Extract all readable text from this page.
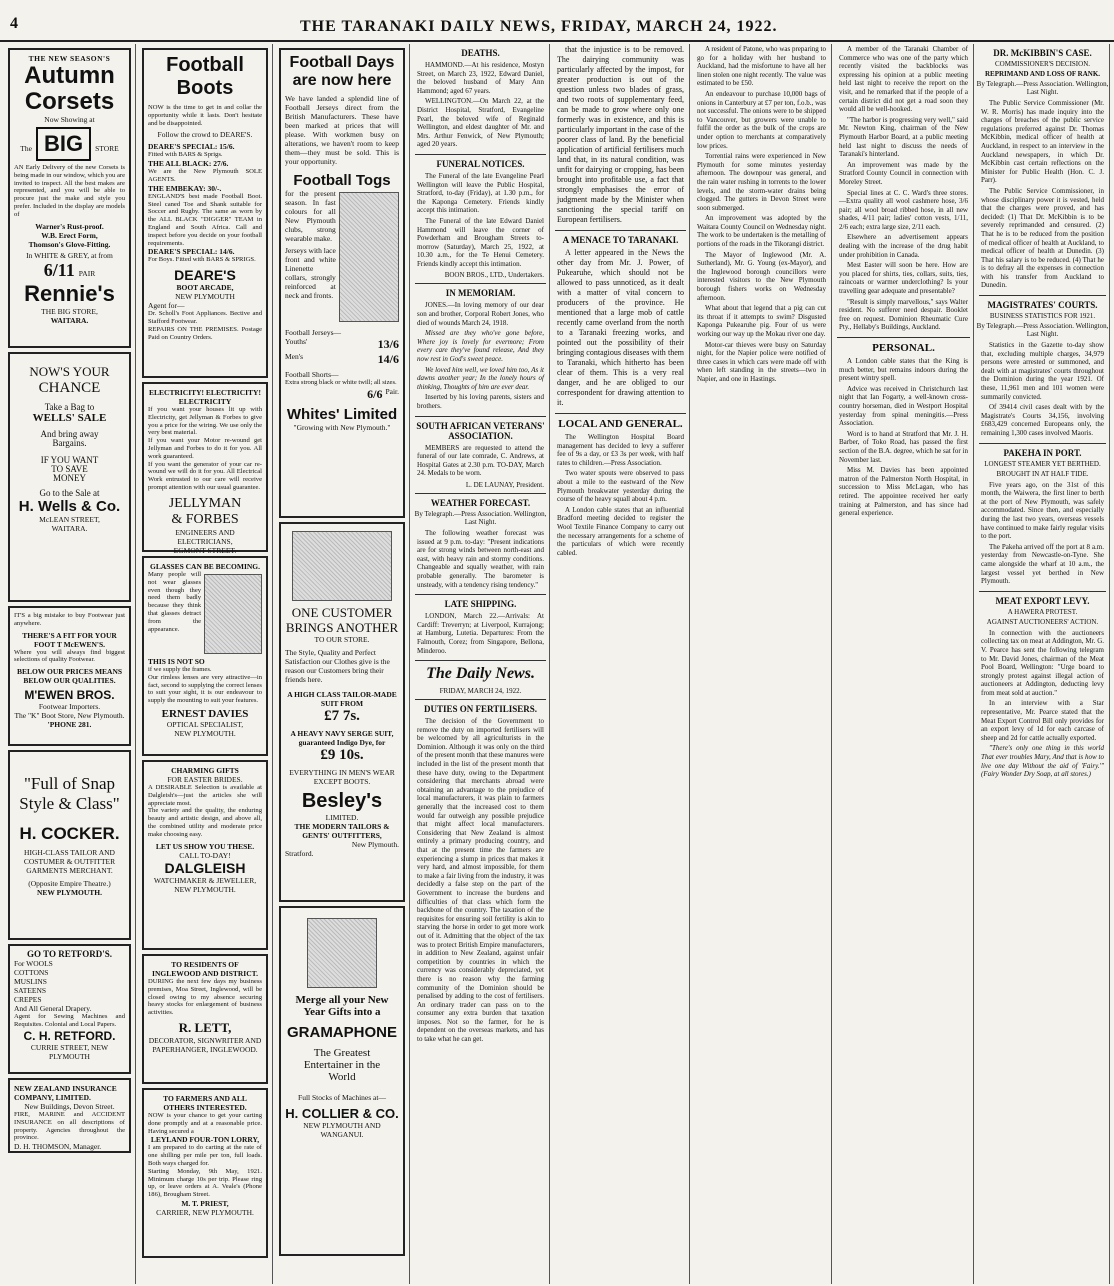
4	THE TARANAKI DAILY NEWS, FRIDAY, MARCH 24, 1922.
THE NEW SEASON'S
Autumn
Corsets
Now Showing at
The BIG STORE
AN Early Delivery of the new Corsets is being made in our window, which you are invited to inspect. All the best makes are represented, and you will be able to procure just the make and style you prefer. Included in the display are models of
Warner's Rust-proof.
W.B. Erect Form,
Thomson's Glove-Fitting.
In WHITE & GREY, at from
6/11 PAIR
Rennie's
THE BIG STORE,
WAITARA.
NOW'S YOUR
CHANCE
Take a Bag to
WELLS' SALE
And bring away
Bargains.
IF YOU WANT
TO SAVE
MONEY
Go to the Sale at
H. Wells & Co.
McLEAN STREET,
WAITARA.
IT'S a big mistake to buy Footwear just anywhere.
THERE'S A FIT FOR YOUR FOOT T McEWEN'S.
Where you will always find biggest selections of quality Footwear.
BELOW OUR PRICES MEANS BELOW OUR QUALITIES.
M'EWEN BROS.
Footwear Importers.
The "K" Boot Store, New Plymouth.
'PHONE 281.
"Full of Snap
Style & Class"
H. COCKER.
HIGH-CLASS TAILOR AND COSTUMER & OUTFITTER GARMENTS MERCHANT.
(Opposite Empire Theatre.)
NEW PLYMOUTH.
GO TO RETFORD'S.
For WOOLS
COTTONS
MUSLINS
SATEENS
CREPES
And All General Drapery.
Agent for Sewing Machines and Requisites. Colonial and Local Papers.
C. H. RETFORD.
CURRIE STREET, NEW PLYMOUTH
NEW ZEALAND INSURANCE COMPANY, LIMITED.
New Buildings, Devon Street.
FIRE, MARINE and ACCIDENT INSURANCE on all descriptions of property. Agencies throughout the province.
D. H. THOMSON, Manager.
Football
Boots
NOW is the time to get in and collar the opportunity while it lasts. Don't hesitate and be disappointed.
Follow the crowd to DEARE'S.
DEARE'S SPECIAL: 15/6.
Fitted with BARS & Sprigs.
THE ALL BLACK: 27/6.
We are the New Plymouth SOLE AGENTS.
THE EMBEKAY: 30/-.
ENGLAND'S best made Football Boot. Steel caned Toe and Shank suitable for Soccer and Rugby. The same as worn by the ALL BLACK "DIGGER" TEAM in England and South Africa. Call and inspect before you decide on your football requirements.
DEARE'S SPECIAL: 14/6.
For Boys. Fitted with BARS & SPRIGS.
DEARE'S
BOOT ARCADE,
NEW PLYMOUTH
Agent for—
Dr. Scholl's Foot Appliances. Bective and Stafford Footwear.
REPAIRS ON THE PREMISES. Postage Paid on Country Orders.
ELECTRICITY! ELECTRICITY! ELECTRICITY
If you want your houses lit up with Electricity, get Jellyman & Forbes to give you a price for the wiring. We use only the very best material.
If you want your Motor re-wound get Jellyman and Forbes to do it for you. All work guaranteed.
If you want the generator of your car re-wound we will do it for you. All Electrical Work entrusted to our care will receive prompt attention with our usual guarantee.
JELLYMAN
& FORBES
ENGINEERS AND ELECTRICIANS,
EGMONT STREET.
GLASSES CAN BE BECOMING.
Many people will not wear glasses even though they need them badly because they think that glasses detract from the appearance.
THIS IS NOT SO
if we supply the frames.
Our rimless lenses are very attractive—in fact, second to supplying the correct lenses to suit your sight, it is our endeavour to supply the mounting to suit your features.
ERNEST DAVIES
OPTICAL SPECIALIST,
NEW PLYMOUTH.
CHARMING GIFTS
FOR EASTER BRIDES.
A DESIRABLE Selection is available at Dalgleish's—just the articles she will appreciate most.
The variety and the quality, the enduring beauty and artistic design, and above all, the combined utility and moderate price make choosing easy.
LET US SHOW YOU THESE.
CALL TO-DAY!
DALGLEISH
WATCHMAKER & JEWELLER, NEW PLYMOUTH.
TO RESIDENTS OF INGLEWOOD AND DISTRICT.
DURING the next few days my business premises, Moa Street, Inglewood, will be closed owing to my absence securing heavy stocks for enlargement of business activities.
R. LETT,
DECORATOR, SIGNWRITER AND PAPERHANGER, INGLEWOOD.
TO FARMERS AND ALL OTHERS INTERESTED.
NOW is your chance to get your carting done promptly and at a reasonable price. Having secured a
LEYLAND FOUR-TON LORRY,
I am prepared to do carting at the rate of one shilling per mile per ton, full loads. Both ways charged for.
Starting Monday, 9th May, 1921. Minimum charge 10s per trip. Please ring up, or leave orders at A. Veale's (Phone 186), Brougham Street.
M. T. PRIEST,
CARRIER, NEW PLYMOUTH.
Football Days
are now here
We have landed a splendid line of Football Jerseys direct from the British Manufacturers. These have been marked at prices that will please. With workmen busy on alterations, we haven't room to keep them—they must be sold. This is your opportunity.
Football Togs
for the present season. In fast colours for all New Plymouth clubs, strong wearable make.
Jerseys with lace front and white Linenette collars, strongly reinforced at neck and fronts.
Football Jerseys—
Youths'	13/6
Men's	14/6
Football Shorts—
Extra strong black or white twill; all sizes.
6/6 Pair.
Whites' Limited
"Growing with New Plymouth."
ONE CUSTOMER BRINGS ANOTHER
TO OUR STORE.
The Style, Quality and Perfect Satisfaction our Clothes give is the reason our Customers bring their friends here.
A HIGH CLASS TAILOR-MADE SUIT FROM
£7 7s.
A HEAVY NAVY SERGE SUIT, guaranteed Indigo Dye, for
£9 10s.
EVERYTHING IN MEN'S WEAR EXCEPT BOOTS.
Besley's
LIMITED.
THE MODERN TAILORS & GENTS' OUTFITTERS,
New Plymouth.
Stratford.
Merge all your New Year Gifts into a
GRAMAPHONE
The Greatest Entertainer in the World
Full Stocks of Machines at—
H. COLLIER & CO.
NEW PLYMOUTH AND WANGANUI.
DEATHS.
HAMMOND.—At his residence, Mostyn Street, on March 23, 1922, Edward Daniel, the beloved husband of Mary Ann Hammond; aged 67 years.
WELLINGTON.—On March 22, at the District Hospital, Stratford, Evangeline Pearl, the beloved wife of Reginald Wellington, and eldest daughter of Mr. and Mrs. Arthur Fenwick, of New Plymouth; aged 20 years.
FUNERAL NOTICES.
The Funeral of the late Evangeline Pearl Wellington will leave the Public Hospital, Stratford, to-day (Friday), at 1.30 p.m., for the Kaponga Cemetery. Friends kindly accept this intimation.
The Funeral of the late Edward Daniel Hammond will leave the corner of Powderham and Brougham Streets to-morrow (Saturday), March 25, 1922, at 10.30 a.m., for the Te Henui Cemetery. Friends kindly accept this intimation.
BOON BROS., LTD., Undertakers.
IN MEMORIAM.
JONES.—In loving memory of our dear son and brother, Corporal Robert Jones, who died of wounds March 24, 1918.
Missed are they who've gone before, Where joy is lovely for evermore; From every care they've found release, And they now rest in God's sweet peace.
We loved him well, we loved him too, As it dawns another year; In the lonely hours of thinking, Thoughts of him are ever dear.
Inserted by his loving parents, sisters and brothers.
SOUTH AFRICAN VETERANS' ASSOCIATION.
MEMBERS are requested to attend the funeral of our late comrade, C. Andrews, at Hospital Gates at 2.30 p.m. TO-DAY, March 24. Medals to be worn.
L. DE LAUNAY, President.
WEATHER FORECAST.
By Telegraph.—Press Association. Wellington, Last Night.
The following weather forecast was issued at 9 p.m. to-day: "Present indications are for strong winds between north-east and east, with heavy rain and stormy conditions. Changeable and squally weather, with rain probable generally. The barometer is unsteady, with a tendency rising tendency."
LATE SHIPPING.
LONDON, March 22.—Arrivals: At Cardiff: Treverryn; at Liverpool, Kurrajong; at Hamburg, Lutetia. Departures: From the Falmouth, Corez; from Singapore, Bellona, Minderoo.
The Daily News.
FRIDAY, MARCH 24, 1922.
DUTIES ON FERTILISERS.
The decision of the Government to remove the duty on imported fertilisers will be welcomed by all agriculturists in the Dominion. Although it was only on the third of the present month that these manures were included in the list of the present month that these have duty, owing to the Department considering that merchants abroad were obtaining an advantage to the prejudice of local manufacturers, it was plain to farmers generally that the increased cost to them would far outweigh any possible prejudice that might affect local manufacturers. Considering that New Zealand is almost entirely a primary producing country, and that at the present time the farmers are experiencing a slump in prices that makes it very hard, and almost impossible, for them to make a fair living from the industry, it was decidedly a false step on the part of the Government to increase the burdens and difficulties of that class which form the backbone of the country. The taxation of the requisites for ensuring soil fertility is akin to starving the horse in order to get more work out of it. Admitting that the object of the tax was to protect British Empire manufacturers, in addition to New Zealand, against unfair competition by countries in which the currency was considerably depreciated, yet there is no reason why the farming community of the Dominion should be penalised by adding to the cost of fertilisers. An ordinary trader can pass on to the consumer any extra burden that taxation imposes. Not so the farmer, for he is dependent on the overseas markets, and has to take what he can get.
that the injustice is to be removed. The dairying community was particularly affected by the impost, for greater production is out of the question unless two blades of grass, and two roots of supplementary feed, can be made to grow where only one formerly was in existence, and this is particularly important in the case of the poorer class of land. By the beneficial application of artificial fertilisers much land that, in its natural condition, was unfit for dairying or cropping, has been brought into profitable use, a fact that strongly emphasises the error of judgment made by the Minister when sanctioning the special tariff on European fertilisers.
A MENACE TO TARANAKI.
A letter appeared in the News the other day from Mr. J. Power, of Pukearuhe, which should not be allowed to pass unnoticed, as it dealt with a matter of vital concern to producers of the province. He mentioned that a large mob of cattle recently came overland from the north to a Taranaki freezing works, and pointed out the possibility of their bringing contagious diseases with them to Taranaki, which hitherto has been clear of them. This is a very real danger, and he are obliged to our correspondent for drawing attention to it.
LOCAL AND GENERAL.
The Wellington Hospital Board management has decided to levy a sufferer fee of 9s a day, or £3 3s per week, with half rates to children.—Press Association.
Two water spouts were observed to pass about a mile to the eastward of the New Plymouth breakwater yesterday during the course of the heavy squall about 4 p.m.
A London cable states that an influential Bradford meeting decided to register the Wool Textile Finance Company to carry out the necessary arrangements for a scheme of the particulars of which were recently cabled.
A resident of Patone, who was preparing to go for a holiday with her husband to Auckland, had the misfortune to have all her linen stolen one night recently. The value was estimated to be £50.
An endeavour to purchase 10,000 bags of onions in Canterbury at £7 per ton, f.o.b., was not successful. The onions were to be shipped to Vancouver, but growers were unable to fulfil the order as the bulk of the crops are under option to merchants at comparatively low prices.
Torrential rains were experienced in New Plymouth for some minutes yesterday afternoon. The downpour was general, and the rain water rushing in torrents to the lower levels, and the storm-water drains being clogged. The gutters in Devon Street were soon submerged.
An improvement was adopted by the Waitara County Council on Wednesday night. The work to be undertaken is the metalling of portions of the roads in the Tikorangi district.
The Mayor of Inglewood (Mr. A. Sutherland), Mr. G. Young (ex-Mayor), and the Inglewood borough councillors were interested visitors to the New Plymouth borough fishers works on Wednesday afternoon.
What about that legend that a pig can cut its throat if it attempts to swim? Disgusted Kaponga Pukearuhe pig. Four of us were working our way up the Mokau river one day.
Motor-car thieves were busy on Saturday night, for the Napier police were notified of three cases in which cars were made off with when left standing in the streets—two in Napier, and one in Hastings.
A member of the Taranaki Chamber of Commerce who was one of the party which recently visited the backblocks was expressing his opinion at a public meeting held last night to receive the report on the visit, and he remarked that if the people of a certain district did not get a road soon they would all be well-hooked.
"The harbor is progressing very well," said Mr. Newton King, chairman of the New Plymouth Harbor Board, at a public meeting held last night to discuss the needs of Taranaki's hinterland.
An improvement was made by the Stratford County Council in connection with Moreley Street.
Special lines at C. C. Ward's three stores.—Extra quality all wool cashmere hose, 3/6 pair; all wool broad ribbed hose, in all new shades, 4/11 pair; ladies' cotton vests, 1/11, 2/6 each; extra large size, 2/11 each.
Elsewhere an advertisement appears dealing with the increase of the drug habit under prohibition in Canada.
Mest Easter will soon be here. How are you placed for shirts, ties, collars, suits, ties, raincoats or warmer underclothing? Is your travelling gear adequate and presentable?
"Result is simply marvellous," says Walter resident. No sufferer need despair. Booklet free on request. Dominion Rheumatic Cure Pty., Hellaby's Buildings, Auckland.
PERSONAL.
A London cable states that the King is much better, but remains indoors during the present wintry spell.
Advice was received in Christchurch last night that Ian Fogarty, a well-known cross-country horseman, died in Westport Hospital yesterday from spinal meningitis.—Press Association.
Word is to hand at Stratford that Mr. J. H. Barber, of Toko Road, has passed the first section of the B.A. degree, which he sat for in November last.
Miss M. Davies has been appointed matron of the Palmerston North Hospital, in succession to Miss McLagan, who has retired. The appointee received her early training at Palmerston, and has since had general experience.
DR. McKIBBIN'S CASE.
COMMISSIONER'S DECISION.
REPRIMAND AND LOSS OF RANK.
By Telegraph.—Press Association. Wellington, Last Night.
The Public Service Commissioner (Mr. W. R. Morris) has made inquiry into the charges of breaches of the public service regulations preferred against Dr. Thomas McKibbin, medical officer of health at Auckland, in respect to an interview in the Auckland newspapers, in which Dr. McKibbin cast certain reflections on the Minister for Public Health (Hon. C. J. Parr).
The Public Service Commissioner, in whose disciplinary power it is vested, held that the charges were proved, and has decided: (1) That Dr. McKibbin is to be severely reprimanded and censured. (2) That he is to be reduced from the position of medical officer of health at Auckland, to medical officer of health at Dunedin. (3) That his salary is to be reduced. (4) That he is to defray all the expenses in connection with his transfer from Auckland to Dunedin.
MAGISTRATES' COURTS.
BUSINESS STATISTICS FOR 1921.
By Telegraph.—Press Association. Wellington, Last Night.
Statistics in the Gazette to-day show that, excluding multiple charges, 34,979 persons were arrested or summoned, and dealt with at magistrates' courts throughout the Dominion during the year 1921. Of these, 11,961 men and 101 women were summarily convicted.
Of 39414 civil cases dealt with by the Magistrate's Courts 34,156, involving £683,429 concerned Europeans only, the remaining 1,300 cases involved Maoris.
PAKEHA IN PORT.
LONGEST STEAMER YET BERTHED.
BROUGHT IN AT HALF TIDE.
Five years ago, on the 31st of this month, the Waiwera, the first liner to berth at the port of New Plymouth, was safely accommodated. Since then, and especially during the last two years, overseas vessels have continued to make fairly regular visits to the port.
The Pakeha arrived off the port at 8 a.m. yesterday from Newcastle-on-Tyne. She came alongside the wharf at 10 a.m., the largest vessel yet berthed in New Plymouth.
MEAT EXPORT LEVY.
A HAWERA PROTEST.
AGAINST AUCTIONEERS' ACTION.
In connection with the auctioneers collecting tax on meat at Addington, Mr. G. V. Pearce has sent the following telegram to Mr. David Jones, chairman of the Meat Pool Board, Wellington: "Urge board to strongly protest against illegal action of auctioneers at Addington, deducting levy from meat sold at auction."
In an interview with a Star representative, Mr. Pearce stated that the Meat Export Control Bill only provides for an export levy of 1d for each carcase of sheep and 2d for cattle actually exported.
"There's only one thing in this world That ever troubles Mary, And that is how to live one day Without the aid of 'Fairy.'" (Fairy Wonder Dry Soap, at all stores.)
